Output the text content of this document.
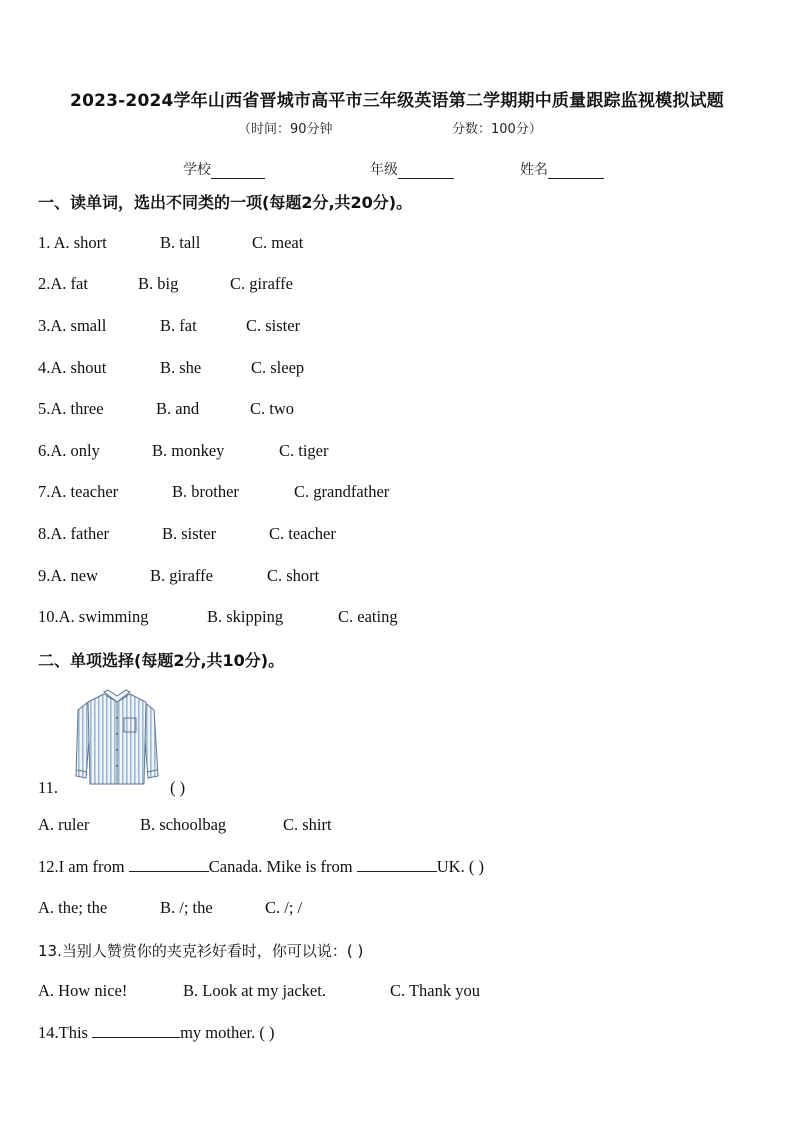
2023-2024学年山西省晋城市高平市三年级英语第二学期期中质量跟踪监视模拟试题
（时间：90分钟	分数：100分）
学校	年级	姓名
一、读单词，选出不同类的一项(每题2分,共20分)。
1. A. short	B. tall	C. meat
2.A. fat	B. big	C. giraffe
3.A. small	B. fat	C. sister
4.A. shout	B. she	C. sleep
5.A. three	B. and	C. two
6.A. only	B. monkey	C. tiger
7.A. teacher	B. brother	C. grandfather
8.A. father	B. sister	C. teacher
9.A. new	B. giraffe	C. short
10.A. swimming	B. skipping	C. eating
二、单项选择(每题2分,共10分)。
11.	( )
A. ruler	B. schoolbag	C. shirt
12.I am from	Canada. Mike is from	UK. ( )
A. the; the	B. /; the	C. /; /
13.当别人赞赏你的夹克衫好看时，你可以说：( )
A. How nice!	B. Look at my jacket.	C. Thank you
14.This	my mother. ( )
